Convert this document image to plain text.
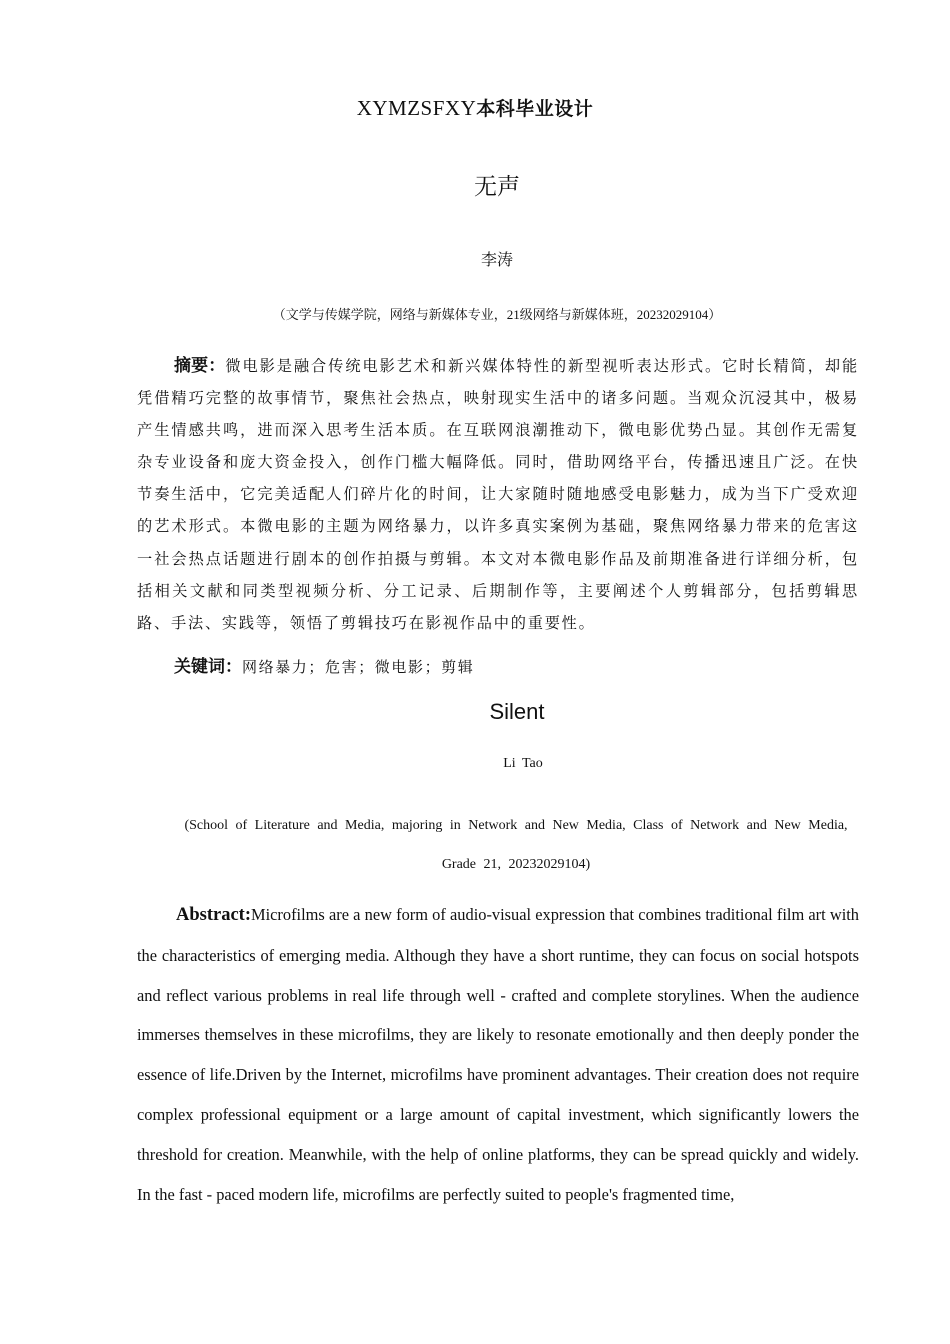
XYMZSFXY本科毕业设计
无声
李涛
（文学与传媒学院，网络与新媒体专业，21级网络与新媒体班，20232029104）

摘要：微电影是融合传统电影艺术和新兴媒体特性的新型视听表达形式。它时长精简，却能凭借精巧完整的故事情节，聚焦社会热点，映射现实生活中的诸多问题。当观众沉浸其中，极易产生情感共鸣，进而深入思考生活本质。在互联网浪潮推动下，微电影优势凸显。其创作无需复杂专业设备和庞大资金投入，创作门槛大幅降低。同时，借助网络平台，传播迅速且广泛。在快节奏生活中，它完美适配人们碎片化的时间，让大家随时随地感受电影魅力，成为当下广受欢迎的艺术形式。本微电影的主题为网络暴力，以许多真实案例为基础，聚焦网络暴力带来的危害这一社会热点话题进行剧本的创作拍摄与剪辑。本文对本微电影作品及前期准备进行详细分析，包括相关文献和同类型视频分析、分工记录、后期制作等，主要阐述个人剪辑部分，包括剪辑思路、手法、实践等，领悟了剪辑技巧在影视作品中的重要性。

关键词：网络暴力；危害；微电影；剪辑

Silent
Li Tao

(School of Literature and Media, majoring in Network and New Media, Class of Network and New Media, Grade 21, 20232029104)

Abstract:Microfilms are a new form of audio-visual expression that combines traditional film art with the characteristics of emerging media. Although they have a short runtime, they can focus on social hotspots and reflect various problems in real life through well - crafted and complete storylines. When the audience immerses themselves in these microfilms, they are likely to resonate emotionally and then deeply ponder the essence of life.Driven by the Internet, microfilms have prominent advantages. Their creation does not require complex professional equipment or a large amount of capital investment, which significantly lowers the threshold for creation. Meanwhile, with the help of online platforms, they can be spread quickly and widely. In the fast - paced modern life, microfilms are perfectly suited to people's fragmented time,
